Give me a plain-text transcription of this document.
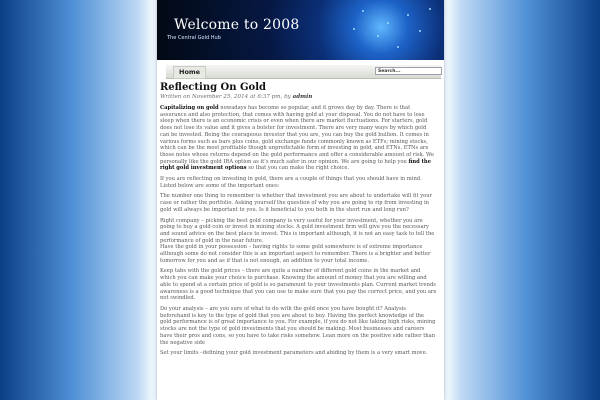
Welcome to 2008
The Central Gold Hub
Home	Search...
Reflecting On Gold
Written on November 25, 2014 at 6:37 pm, by admin

Capitalizing on gold nowadays has become so popular, and it grows day by day. There is that assurance and also protection, that comes with having gold at your disposal. You do not have to lose sleep when there is an economic crisis or even when there are market fluctuations. For starters, gold does not lose its value and it gives a bolster for investment. There are very many ways by which gold can be invested. Being the courageous investor that you are, you can buy the gold bullion. It comes in various forms such as bars plus coins, gold exchange funds commonly known as ETFs; mining stocks, which can be the most profitable though unpredictable form of investing in gold, and ETNs. ETNs are those notes whose returns depend on the gold performance and offer a considerable amount of risk. We personally like the gold IRA option as it’s much safer in our opinion. We are going to help you find the right gold investment options so that you can make the right choice.

If you are reflecting on investing in gold, there are a couple of things that you should have in mind. Listed below are some of the important ones:

The number one thing to remember is whether that investment you are about to undertake will fit your case or rather the portfolio. Asking yourself the question of why you are going to rip from investing in gold will always be important to you. Is it beneficial to you both in the short run and long run?

Right company – picking the best gold company is very useful for your investment, whether you are going to buy a gold coin or invest in mining stocks. A gold investment firm will give you the necessary and sound advice on the best place to invest. This is important although, it is not an easy task to tell the performance of gold in the near future.

Have the gold in your possession – having rights to some gold somewhere is of extreme importance although some do not consider this is an important aspect to remember. There is a brighter and better tomorrow for you and as if that is not enough, an addition to your total income.

Keep tabs with the gold prices – there are quite a number of different gold coins in the market and which you can make your choice to purchase. Knowing the amount of money that you are willing and able to spend at a certain price of gold is so paramount to your investments plan. Current market trends awareness is a good technique that you can use to make sure that you pay the correct price, and you are not swindled.

Do your analysis – are you sure of what to do with the gold once you have bought it? Analysis beforehand is key to the type of gold that you are about to buy. Having the perfect knowledge of the gold performance is of great importance to you. For example, if you do not like taking high risks, mining stocks are not the type of gold investments that you should be making. Most businesses and careers have their pros and cons, so you have to take risks somehow. Lean more on the positive side rather than the negative side

Set your limits –defining your gold investment parameters and abiding by them is a very smart move.
